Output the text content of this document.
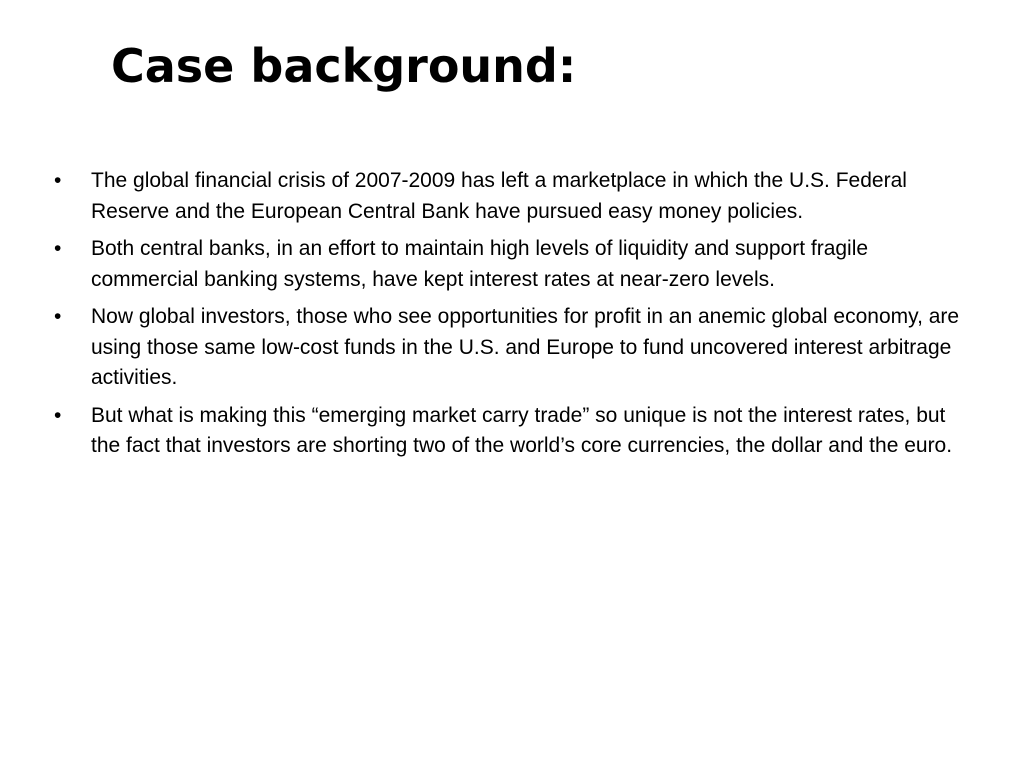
Case background:
• The global financial crisis of 2007-2009 has left a marketplace in which the U.S. Federal Reserve and the European Central Bank have pursued easy money policies.
• Both central banks, in an effort to maintain high levels of liquidity and support fragile commercial banking systems, have kept interest rates at near-zero levels.
• Now global investors, those who see opportunities for profit in an anemic global economy, are using those same low-cost funds in the U.S. and Europe to fund uncovered interest arbitrage activities.
• But what is making this “emerging market carry trade” so unique is not the interest rates, but the fact that investors are shorting two of the world’s core currencies, the dollar and the euro.
